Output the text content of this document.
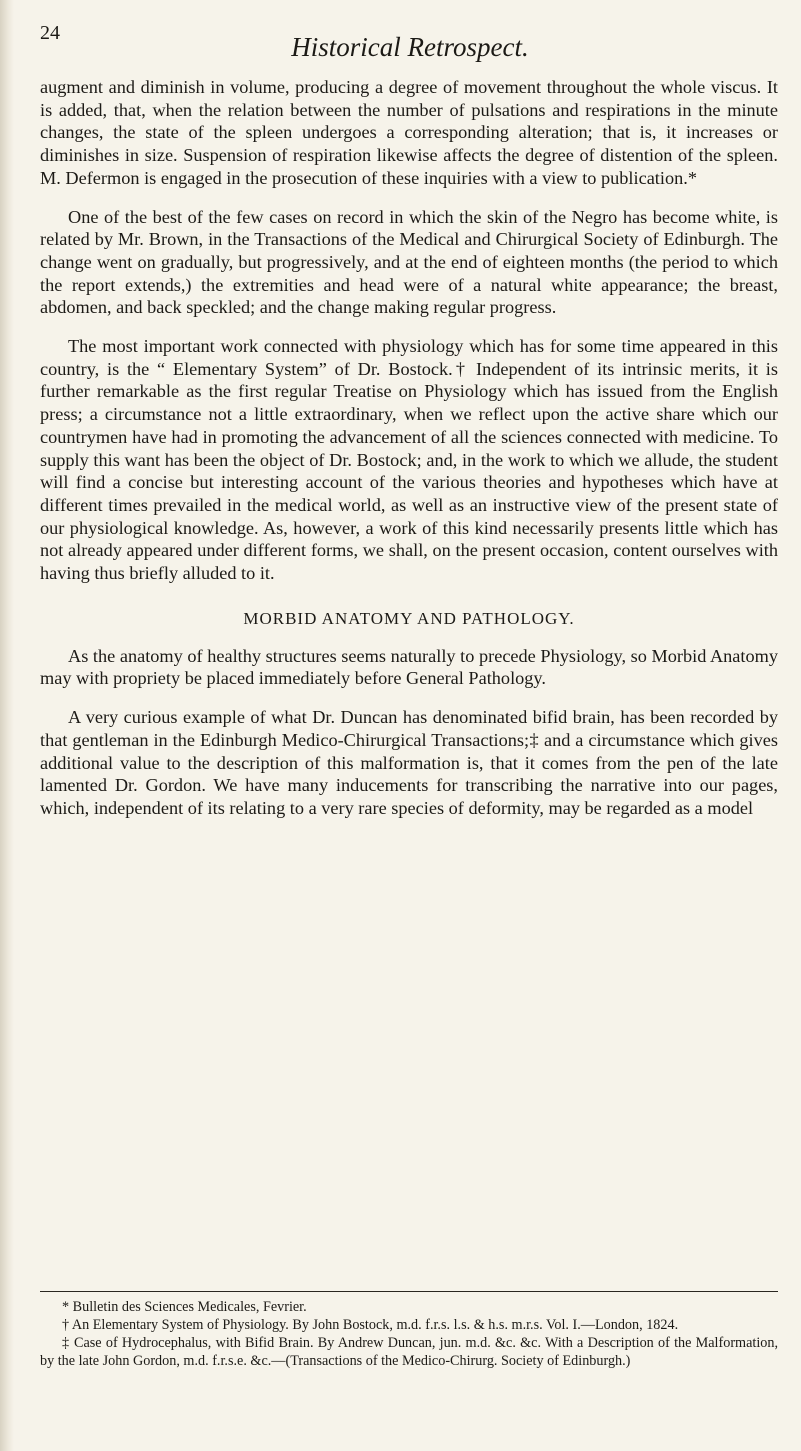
24	Historical Retrospect.

augment and diminish in volume, producing a degree of movement throughout the whole viscus. It is added, that, when the relation between the number of pulsations and respirations in the minute changes, the state of the spleen undergoes a corresponding alteration; that is, it increases or diminishes in size. Suspension of respiration likewise affects the degree of distention of the spleen. M. Defermon is engaged in the prosecution of these inquiries with a view to publication.*

One of the best of the few cases on record in which the skin of the Negro has become white, is related by Mr. Brown, in the Transactions of the Medical and Chirurgical Society of Edinburgh. The change went on gradually, but progressively, and at the end of eighteen months (the period to which the report extends,) the extremities and head were of a natural white appearance; the breast, abdomen, and back speckled; and the change making regular progress.

The most important work connected with physiology which has for some time appeared in this country, is the “ Elementary System” of Dr. Bostock.† Independent of its intrinsic merits, it is further remarkable as the first regular Treatise on Physiology which has issued from the English press; a circumstance not a little extraordinary, when we reflect upon the active share which our countrymen have had in promoting the advancement of all the sciences connected with medicine. To supply this want has been the object of Dr. Bostock; and, in the work to which we allude, the student will find a concise but interesting account of the various theories and hypotheses which have at different times prevailed in the medical world, as well as an instructive view of the present state of our physiological knowledge. As, however, a work of this kind necessarily presents little which has not already appeared under different forms, we shall, on the present occasion, content ourselves with having thus briefly alluded to it.

MORBID ANATOMY AND PATHOLOGY.

As the anatomy of healthy structures seems naturally to precede Physiology, so Morbid Anatomy may with propriety be placed immediately before General Pathology.

A very curious example of what Dr. Duncan has denominated bifid brain, has been recorded by that gentleman in the Edinburgh Medico-Chirurgical Transactions;‡ and a circumstance which gives additional value to the description of this malformation is, that it comes from the pen of the late lamented Dr. Gordon. We have many inducements for transcribing the narrative into our pages, which, independent of its relating to a very rare species of deformity, may be regarded as a model

* Bulletin des Sciences Medicales, Fevrier.

† An Elementary System of Physiology. By John Bostock, m.d. f.r.s. l.s. & h.s. m.r.s. Vol. I.—London, 1824.

‡ Case of Hydrocephalus, with Bifid Brain. By Andrew Duncan, jun. m.d. &c. &c. With a Description of the Malformation, by the late John Gordon, m.d. f.r.s.e. &c.—(Transactions of the Medico-Chirurg. Society of Edinburgh.)
